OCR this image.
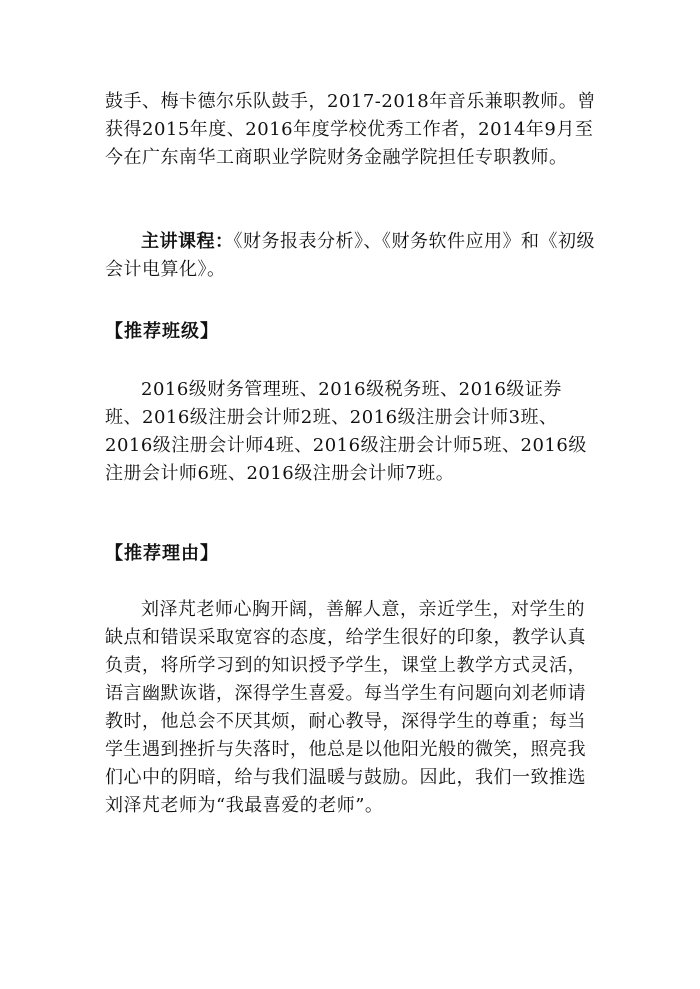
鼓手、梅卡德尔乐队鼓手，2017-2018年音乐兼职教师。曾获得2015年度、2016年度学校优秀工作者，2014年9月至今在广东南华工商职业学院财务金融学院担任专职教师。

主讲课程：《财务报表分析》、《财务软件应用》和《初级会计电算化》。

【推荐班级】

2016级财务管理班、2016级税务班、2016级证券班、2016级注册会计师2班、2016级注册会计师3班、2016级注册会计师4班、2016级注册会计师5班、2016级注册会计师6班、2016级注册会计师7班。

【推荐理由】

刘泽芃老师心胸开阔，善解人意，亲近学生，对学生的缺点和错误采取宽容的态度，给学生很好的印象，教学认真负责，将所学习到的知识授予学生，课堂上教学方式灵活，语言幽默诙谐，深得学生喜爱。每当学生有问题向刘老师请教时，他总会不厌其烦，耐心教导，深得学生的尊重；每当学生遇到挫折与失落时，他总是以他阳光般的微笑，照亮我们心中的阴暗，给与我们温暖与鼓励。因此，我们一致推选刘泽芃老师为“我最喜爱的老师”。
